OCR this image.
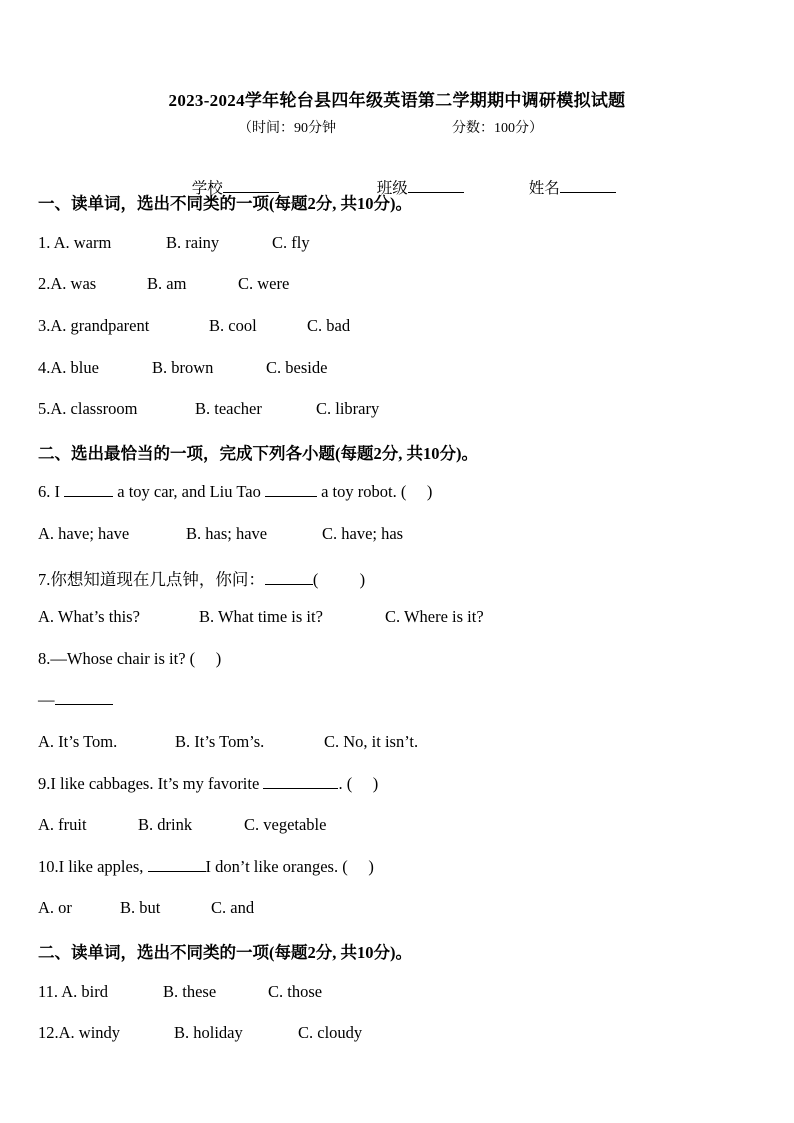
2023-2024学年轮台县四年级英语第二学期期中调研模拟试题
（时间：90分钟	分数：100分）

学校	班级	姓名

一、读单词，选出不同类的一项(每题2分, 共10分)。
1. A. warm	B. rainy	C. fly
2.A. was	B. am	C. were
3.A. grandparent	B. cool	C. bad
4.A. blue	B. brown	C. beside
5.A. classroom	B. teacher	C. library
二、选出最恰当的一项，完成下列各小题(每题2分, 共10分)。
6. I	a toy car, and Liu Tao	a toy robot. (     )
A. have; have	B. has; have	C. have; has
7.你想知道现在几点钟，你问：	(          )
A. What’s this?	B. What time is it?	C. Where is it?
8.—Whose chair is it? (     )
—
A. It’s Tom.	B. It’s Tom’s.	C. No, it isn’t.
9.I like cabbages. It’s my favorite	. (     )
A. fruit	B. drink	C. vegetable
10.I like apples,	I don’t like oranges. (     )
A. or	B. but	C. and
二、读单词，选出不同类的一项(每题2分, 共10分)。
11. A. bird	B. these	C. those
12.A. windy	B. holiday	C. cloudy
